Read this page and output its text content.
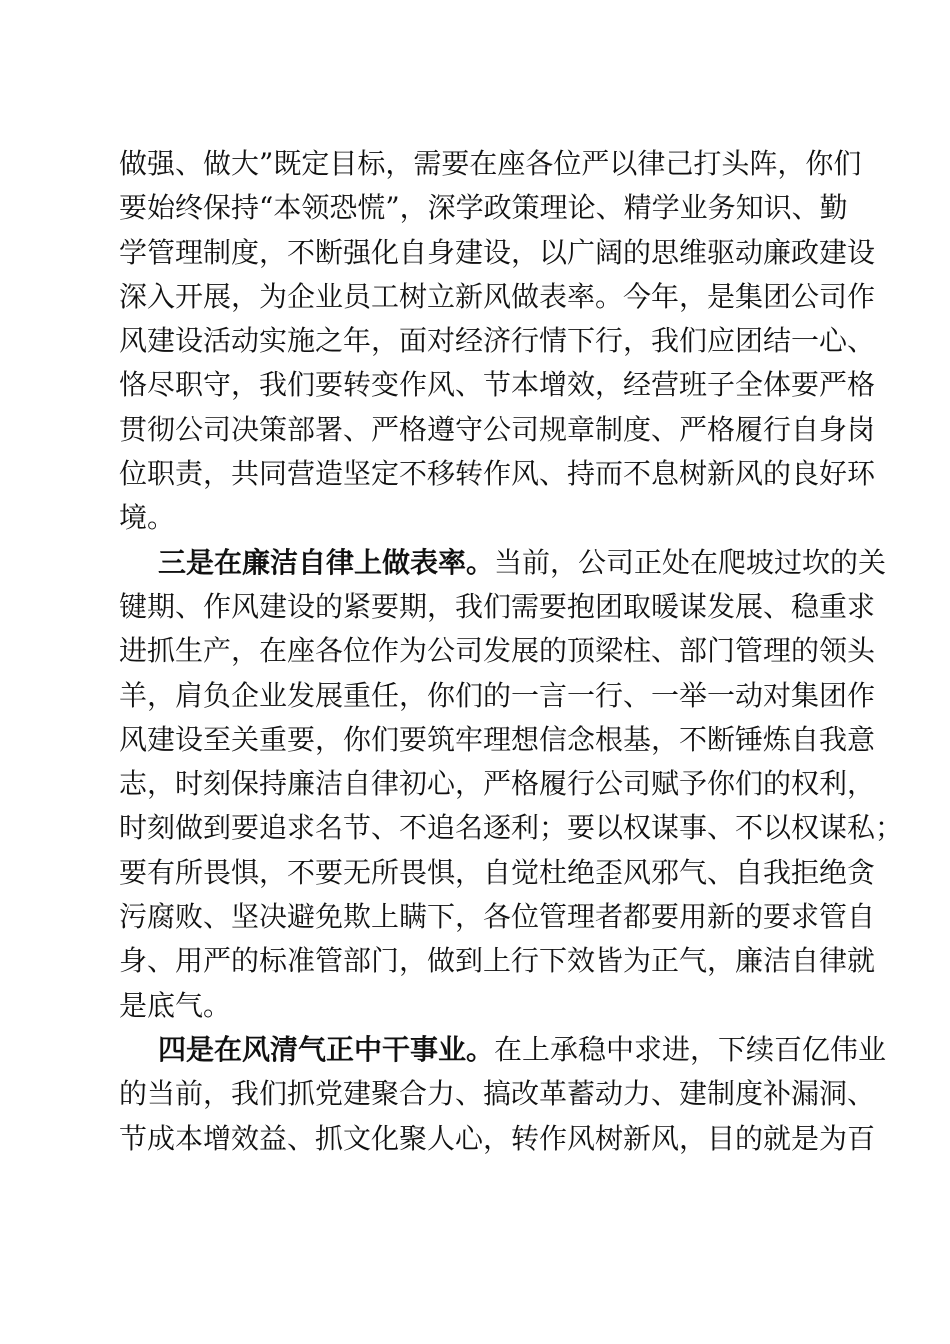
做强、做大”既定目标，需要在座各位严以律己打头阵，你们
要始终保持“本领恐慌”，深学政策理论、精学业务知识、勤
学管理制度，不断强化自身建设，以广阔的思维驱动廉政建设
深入开展，为企业员工树立新风做表率。今年，是集团公司作
风建设活动实施之年，面对经济行情下行，我们应团结一心、
恪尽职守，我们要转变作风、节本增效，经营班子全体要严格
贯彻公司决策部署、严格遵守公司规章制度、严格履行自身岗
位职责，共同营造坚定不移转作风、持而不息树新风的良好环
境。
三是在廉洁自律上做表率。当前，公司正处在爬坡过坎的关
键期、作风建设的紧要期，我们需要抱团取暖谋发展、稳重求
进抓生产，在座各位作为公司发展的顶梁柱、部门管理的领头
羊，肩负企业发展重任，你们的一言一行、一举一动对集团作
风建设至关重要，你们要筑牢理想信念根基，不断锤炼自我意
志，时刻保持廉洁自律初心，严格履行公司赋予你们的权利，
时刻做到要追求名节、不追名逐利；要以权谋事、不以权谋私；
要有所畏惧，不要无所畏惧，自觉杜绝歪风邪气、自我拒绝贪
污腐败、坚决避免欺上瞒下，各位管理者都要用新的要求管自
身、用严的标准管部门，做到上行下效皆为正气，廉洁自律就
是底气。
四是在风清气正中干事业。在上承稳中求进，下续百亿伟业
的当前，我们抓党建聚合力、搞改革蓄动力、建制度补漏洞、
节成本增效益、抓文化聚人心，转作风树新风，目的就是为百
